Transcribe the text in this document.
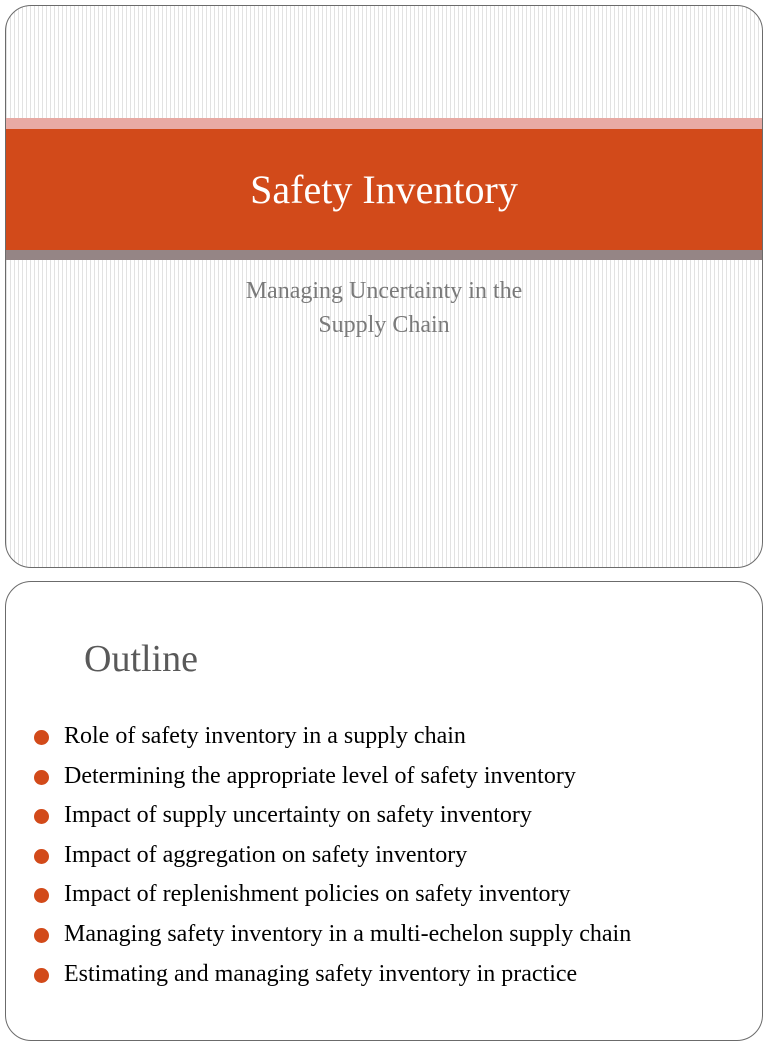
Safety Inventory

Managing Uncertainty in the
Supply Chain

Outline
Role of safety inventory in a supply chain
Determining the appropriate level of safety inventory
Impact of supply uncertainty on safety inventory
Impact of aggregation on safety inventory
Impact of replenishment policies on safety inventory
Managing safety inventory in a multi-echelon supply chain
Estimating and managing safety inventory in practice
